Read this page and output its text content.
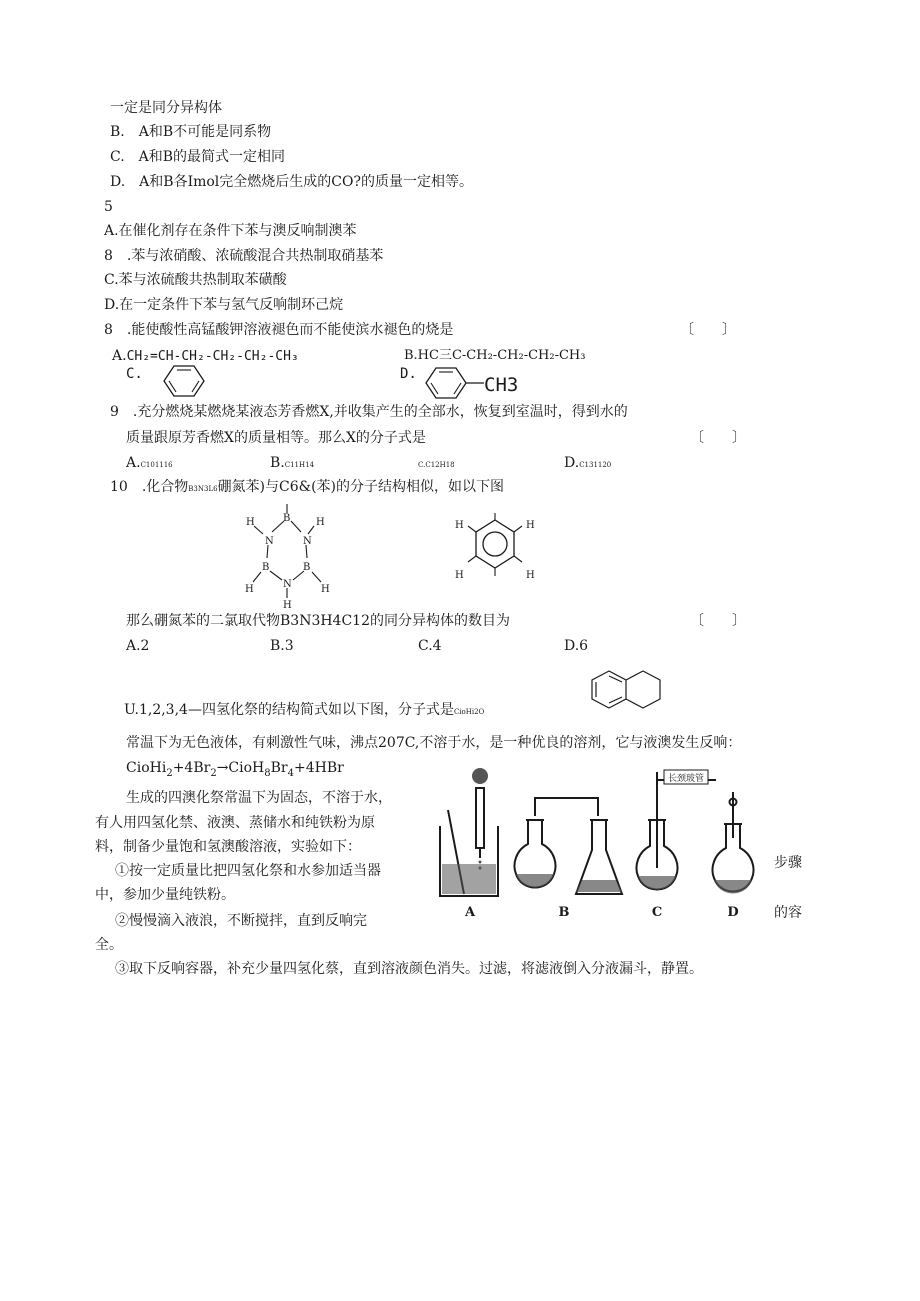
一定是同分异构体
B.　A和B不可能是同系物
C.　A和B的最简式一定相同
D.　A和B各Imol完全燃烧后生成的CO?的质量一定相等。
5
A.在催化剂存在条件下苯与澳反响制澳苯
8　.苯与浓硝酸、浓硫酸混合共热制取硝基苯
C.苯与浓硫酸共热制取苯磺酸
D.在一定条件下苯与氢气反响制环己烷
8　.能使酸性高锰酸钾溶液褪色而不能使滨水褪色的烧是	〔　　〕
A.CH₂=CH-CH₂-CH₂-CH₂-CH₃	B.HC三C-CH₂-CH₂-CH₂-CH₃
C.	D.	CH3
9　.充分燃烧某燃烧某液态芳香燃X,并收集产生的全部水，恢复到室温时，得到水的
质量跟原芳香燃X的质量相等。那么X的分子式是	〔　　〕
A.C101116	B.C11H14	C.C12H18	D.C131120
10　.化合物B3N3L6硼氮苯)与C6&(苯)的分子结构相似，如以下图
B
N	N
B	B
N
H	H
H	H
H
H	H
H	H
那么硼氮苯的二氯取代物B3N3H4C12的同分异构体的数目为	〔　　〕
A.2	B.3	C.4	D.6
U.1,2,3,4—四氢化祭的结构简式如以下图，分子式是CioHi2O
常温下为无色液体，有刺激性气味，沸点207C,不溶于水，是一种优良的溶剂，它与液澳发生反响：
$CioHi_2+4Br_2\to CioH_8Br_4+4HBr$
生成的四澳化祭常温下为固态，不溶于水，
有人用四氢化禁、液澳、蒸储水和纯铁粉为原
料，制备少量饱和氢澳酸溶液，实验如下：
①按一定质量比把四氢化祭和水参加适当器
中，参加少量纯铁粉。
②慢慢滴入液浪，不断搅拌，直到反响完
全。
③取下反响容器，补充少量四氢化蔡，直到溶液颜色消失。过滤，将滤液倒入分液漏斗，静置。
步骤
的容
长颈玻管
A	B	C	D
